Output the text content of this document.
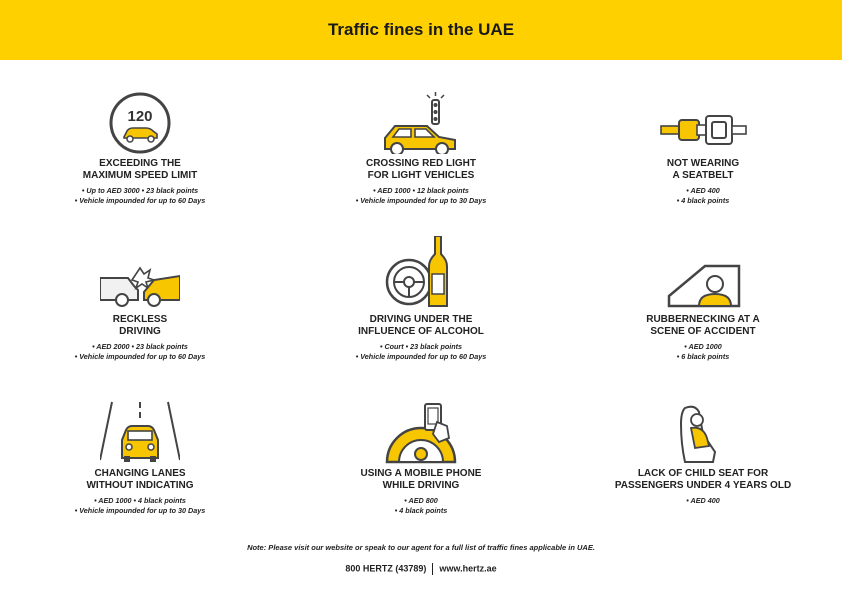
Traffic fines in the UAE
120
EXCEEDING THE
MAXIMUM SPEED LIMIT
• Up to AED 3000 • 23 black points
• Vehicle impounded for up to 60 Days
CROSSING RED LIGHT
FOR LIGHT VEHICLES
• AED 1000 • 12 black points
• Vehicle impounded for up to 30 Days
NOT WEARING
A SEATBELT
• AED 400
• 4 black points
RECKLESS
DRIVING
• AED 2000 • 23 black points
• Vehicle impounded for up to 60 Days
DRIVING UNDER THE
INFLUENCE OF ALCOHOL
• Court • 23 black points
• Vehicle impounded for up to 60 Days
RUBBERNECKING AT A
SCENE OF ACCIDENT
• AED 1000
• 6 black points
CHANGING LANES
WITHOUT INDICATING
• AED 1000 • 4 black points
• Vehicle impounded for up to 30 Days
USING A MOBILE PHONE
WHILE DRIVING
• AED 800
• 4 black points
LACK OF CHILD SEAT FOR
PASSENGERS UNDER 4 YEARS OLD
• AED 400
Note: Please visit our website or speak to our agent for a full list of traffic fines applicable in UAE.
800 HERTZ (43789) www.hertz.ae
